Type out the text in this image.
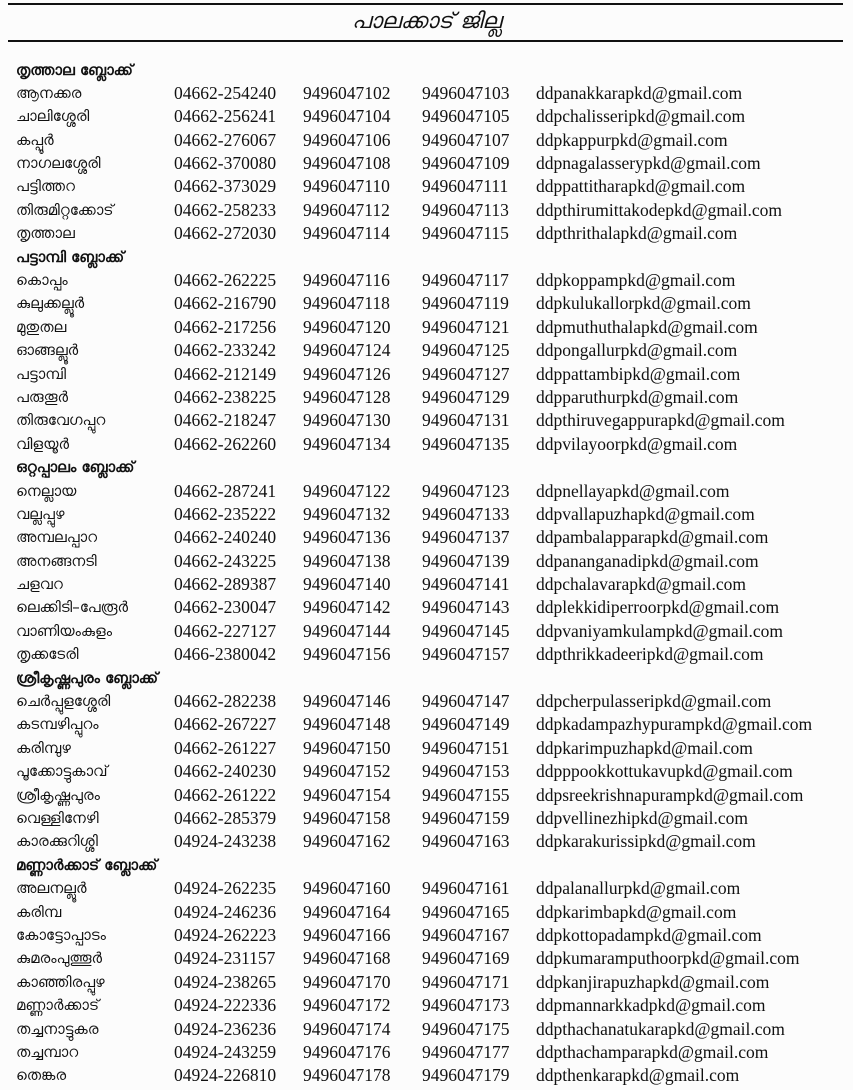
പാലക്കാട് ജില്ല
തൃത്താല ബ്ലോക്ക്
ആനക്കര	04662-254240 9496047102 9496047103 ddpanakkarapkd@gmail.com
ചാലിശ്ശേരി	04662-256241 9496047104 9496047105 ddpchalisseripkd@gmail.com
കപ്പൂർ	04662-276067 9496047106 9496047107 ddpkappurpkd@gmail.com
നാഗലശ്ശേരി	04662-370080 9496047108 9496047109 ddpnagalasserypkd@gmail.com
പട്ടിത്തറ	04662-373029 9496047110 9496047111 ddppattitharapkd@gmail.com
തിരുമിറ്റക്കോട്	04662-258233 9496047112 9496047113 ddpthirumittakodepkd@gmail.com
തൃത്താല	04662-272030 9496047114 9496047115 ddpthrithalapkd@gmail.com
പട്ടാമ്പി ബ്ലോക്ക്
കൊപ്പം	04662-262225 9496047116 9496047117 ddpkoppampkd@gmail.com
കുലുക്കല്ലൂർ	04662-216790 9496047118 9496047119 ddpkulukallorpkd@gmail.com
മുതുതല	04662-217256 9496047120 9496047121 ddpmuthuthalapkd@gmail.com
ഓങ്ങല്ലൂർ	04662-233242 9496047124 9496047125 ddpongallurpkd@gmail.com
പട്ടാമ്പി	04662-212149 9496047126 9496047127 ddppattambipkd@gmail.com
പരുതൂർ	04662-238225 9496047128 9496047129 ddpparuthurpkd@gmail.com
തിരുവേഗപ്പുറ	04662-218247 9496047130 9496047131 ddpthiruvegappurapkd@gmail.com
വിളയൂർ	04662-262260 9496047134 9496047135 ddpvilayoorpkd@gmail.com
ഒറ്റപ്പാലം ബ്ലോക്ക്
നെല്ലായ	04662-287241 9496047122 9496047123 ddpnellayapkd@gmail.com
വല്ലപ്പുഴ	04662-235222 9496047132 9496047133 ddpvallapuzhapkd@gmail.com
അമ്പലപ്പാറ	04662-240240 9496047136 9496047137 ddpambalapparapkd@gmail.com
അനങ്ങനടി	04662-243225 9496047138 9496047139 ddpananganadipkd@gmail.com
ചളവറ	04662-289387 9496047140 9496047141 ddpchalavarapkd@gmail.com
ലെക്കിടി–പേരൂർ	04662-230047 9496047142 9496047143 ddplekkidiperroorpkd@gmail.com
വാണിയംകുളം	04662-227127 9496047144 9496047145 ddpvaniyamkulampkd@gmail.com
തൃക്കടേരി	0466-2380042 9496047156 9496047157 ddpthrikkadeeripkd@gmail.com
ശ്രീകൃഷ്ണപുരം ബ്ലോക്ക്
ചെർപ്പുളശ്ശേരി	04662-282238 9496047146 9496047147 ddpcherpulasseripkd@gmail.com
കടമ്പഴിപ്പുറം	04662-267227 9496047148 9496047149 ddpkadampazhypurampkd@gmail.com
കരിമ്പുഴ	04662-261227 9496047150 9496047151 ddpkarimpuzhapkd@mail.com
പൂക്കോട്ടുകാവ്	04662-240230 9496047152 9496047153 ddpppookkottukavupkd@gmail.com
ശ്രീകൃഷ്ണപുരം	04662-261222 9496047154 9496047155 ddpsreekrishnapurampkd@gmail.com
വെള്ളിനേഴി	04662-285379 9496047158 9496047159 ddpvellinezhipkd@gmail.com
കാരക്കുറിശ്ശി	04924-243238 9496047162 9496047163 ddpkarakurissipkd@gmail.com
മണ്ണാർക്കാട് ബ്ലോക്ക്
അലനല്ലൂർ	04924-262235 9496047160 9496047161 ddpalanallurpkd@gmail.com
കരിമ്പ	04924-246236 9496047164 9496047165 ddpkarimbapkd@gmail.com
കോട്ടോപ്പാടം	04924-262223 9496047166 9496047167 ddpkottopadampkd@gmail.com
കുമരംപുത്തൂർ	04924-231157 9496047168 9496047169 ddpkumaramputhoorpkd@gmail.com
കാഞ്ഞിരപ്പുഴ	04924-238265 9496047170 9496047171 ddpkanjirapuzhapkd@gmail.com
മണ്ണാർക്കാട്	04924-222336 9496047172 9496047173 ddpmannarkkadpkd@gmail.com
തച്ചനാട്ടുകര	04924-236236 9496047174 9496047175 ddpthachanatukarapkd@gmail.com
തച്ചമ്പാറ	04924-243259 9496047176 9496047177 ddpthachamparapkd@gmail.com
തെങ്കര	04924-226810 9496047178 9496047179 ddpthenkarapkd@gmail.com
